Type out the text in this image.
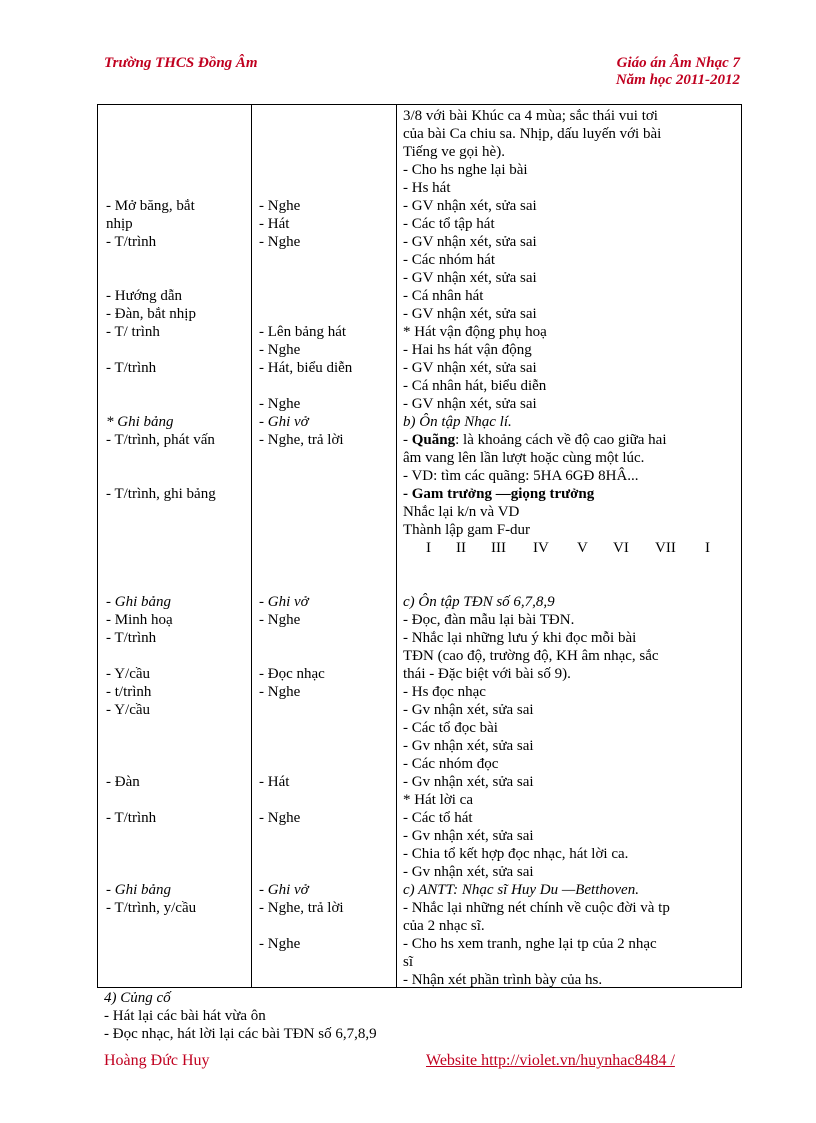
Trường THCS Đồng Âm	Giáo án Âm Nhạc 7
Năm học 2011-2012
- Mở băng, bắt
nhịp
- T/trình
- Hướng dẫn
- Đàn, bắt nhịp
- T/ trình
- T/trình
* Ghi bảng
- T/trình, phát vấn
- T/trình, ghi bảng
- Ghi bảng
- Minh hoạ
- T/trình
- Y/cầu
- t/trình
- Y/cầu
- Đàn
- T/trình
- Ghi bảng
- T/trình, y/cầu
- Nghe
- Hát
- Nghe
- Lên bảng hát
- Nghe
- Hát, biểu diễn
- Nghe
- Ghi vở
- Nghe, trả lời
- Ghi vở
- Nghe
- Đọc nhạc
- Nghe
- Hát
- Nghe
- Ghi vở
- Nghe, trả lời
- Nghe
3/8 với bài Khúc ca 4 mùa; sắc thái vui tơi
của bài Ca chiu sa. Nhịp, dấu luyến với bài
Tiếng ve gọi hè).
- Cho hs nghe lại bài
- Hs hát
- GV nhận xét, sửa sai
- Các tổ tập hát
- GV nhận xét, sửa sai
- Các nhóm hát
- GV nhận xét, sửa sai
- Cá nhân hát
- GV nhận xét, sửa sai
* Hát vận động phụ hoạ
- Hai hs hát vận động
- GV nhận xét, sửa sai
- Cá nhân hát, biểu diễn
- GV nhận xét, sửa sai
b) Ôn tập Nhạc lí.
- Quãng: là khoảng cách về độ cao giữa hai
âm vang lên lần lượt hoặc cùng một lúc.
- VD: tìm các quãng: 5HA 6GĐ 8HÂ...
- Gam trưởng —giọng trưởng
Nhắc lại k/n và VD
Thành lập gam F-dur
I II III IV V VI VII I
c) Ôn tập TĐN số 6,7,8,9
- Đọc, đàn mẫu lại bài TĐN.
- Nhắc lại những lưu ý khi đọc mỗi bài
TĐN (cao độ, trường độ, KH âm nhạc, sắc
thái - Đặc biệt với bài số 9).
- Hs đọc nhạc
- Gv nhận xét, sửa sai
- Các tổ đọc bài
- Gv nhận xét, sửa sai
- Các nhóm đọc
- Gv nhận xét, sửa sai
* Hát lời ca
- Các tổ hát
- Gv nhận xét, sửa sai
- Chia tổ kết hợp đọc nhạc, hát lời ca.
- Gv nhận xét, sửa sai
c) ANTT: Nhạc sĩ Huy Du —Betthoven.
- Nhắc lại những nét chính về cuộc đời và tp
của 2 nhạc sĩ.
- Cho hs xem tranh, nghe lại tp của 2 nhạc
sĩ
- Nhận xét phần trình bày của hs.
4) Củng cố
- Hát lại các bài hát vừa ôn
- Đọc nhạc, hát lời lại các bài TĐN số 6,7,8,9
Hoàng Đức Huy	Website http://violet.vn/huynhac8484 /
